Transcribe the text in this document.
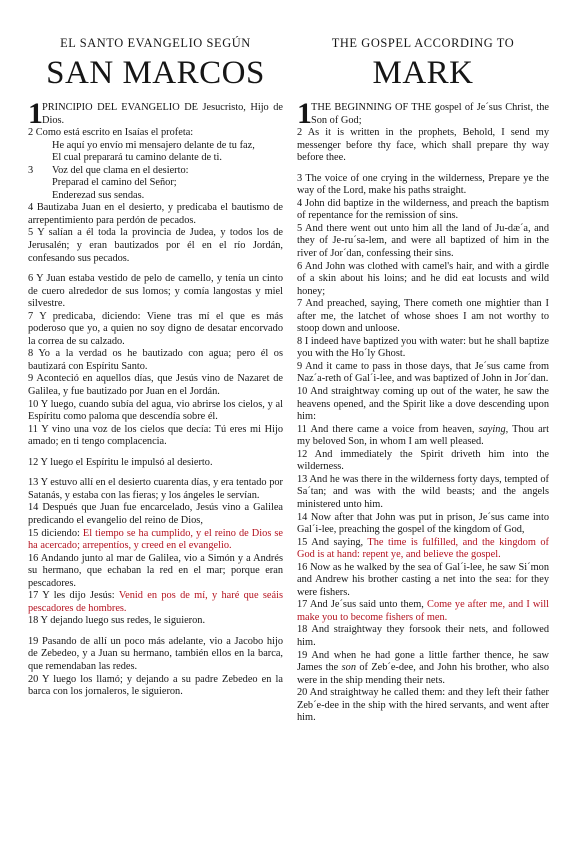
EL SANTO EVANGELIO SEGÚN
SAN MARCOS
1 PRINCIPIO DEL EVANGELIO DE Jesucristo, Hijo de Dios.
2 Como está escrito en Isaías el profeta:
He aquí yo envío mi mensajero delante de tu faz,
El cual preparará tu camino delante de ti.
3 Voz del que clama en el desierto:
Preparad el camino del Señor;
Enderezad sus sendas.
4 Bautizaba Juan en el desierto, y predicaba el bautismo de arrepentimiento para perdón de pecados.
5 Y salían a él toda la provincia de Judea, y todos los de Jerusalén; y eran bautizados por él en el río Jordán, confesando sus pecados.
6 Y Juan estaba vestido de pelo de camello, y tenía un cinto de cuero alrededor de sus lomos; y comía langostas y miel silvestre.
7 Y predicaba, diciendo: Viene tras mí el que es más poderoso que yo, a quien no soy digno de desatar encorvado la correa de su calzado.
8 Yo a la verdad os he bautizado con agua; pero él os bautizará con Espíritu Santo.
9 Aconteció en aquellos días, que Jesús vino de Nazaret de Galilea, y fue bautizado por Juan en el Jordán.
10 Y luego, cuando subía del agua, vio abrirse los cielos, y al Espíritu como paloma que descendía sobre él.
11 Y vino una voz de los cielos que decía: Tú eres mi Hijo amado; en ti tengo complacencia.
12 Y luego el Espíritu le impulsó al desierto.
13 Y estuvo allí en el desierto cuarenta días, y era tentado por Satanás, y estaba con las fieras; y los ángeles le servían.
14 Después que Juan fue encarcelado, Jesús vino a Galilea predicando el evangelio del reino de Dios,
15 diciendo: El tiempo se ha cumplido, y el reino de Dios se ha acercado; arrepentíos, y creed en el evangelio.
16 Andando junto al mar de Galilea, vio a Simón y a Andrés su hermano, que echaban la red en el mar; porque eran pescadores.
17 Y les dijo Jesús: Venid en pos de mí, y haré que seáis pescadores de hombres.
18 Y dejando luego sus redes, le siguieron.
19 Pasando de allí un poco más adelante, vio a Jacobo hijo de Zebedeo, y a Juan su hermano, también ellos en la barca, que remendaban las redes.
20 Y luego los llamó; y dejando a su padre Zebedeo en la barca con los jornaleros, le siguieron.
THE GOSPEL ACCORDING TO
MARK
1 THE BEGINNING OF THE gospel of Je´sus Christ, the Son of God;
2 As it is written in the prophets, Behold, I send my messenger before thy face, which shall prepare thy way before thee.
3 The voice of one crying in the wilderness, Prepare ye the way of the Lord, make his paths straight.
4 John did baptize in the wilderness, and preach the baptism of repentance for the remission of sins.
5 And there went out unto him all the land of Ju-dæ´a, and they of Je-ru´sa-lem, and were all baptized of him in the river of Jor´dan, confessing their sins.
6 And John was clothed with camel's hair, and with a girdle of a skin about his loins; and he did eat locusts and wild honey;
7 And preached, saying, There cometh one mightier than I after me, the latchet of whose shoes I am not worthy to stoop down and unloose.
8 I indeed have baptized you with water: but he shall baptize you with the Ho´ly Ghost.
9 And it came to pass in those days, that Je´sus came from Naz´a-reth of Gal´i-lee, and was baptized of John in Jor´dan.
10 And straightway coming up out of the water, he saw the heavens opened, and the Spirit like a dove descending upon him:
11 And there came a voice from heaven, saying, Thou art my beloved Son, in whom I am well pleased.
12 And immediately the Spirit driveth him into the wilderness.
13 And he was there in the wilderness forty days, tempted of Sa´tan; and was with the wild beasts; and the angels ministered unto him.
14 Now after that John was put in prison, Je´sus came into Gal´i-lee, preaching the gospel of the kingdom of God,
15 And saying, The time is fulfilled, and the kingdom of God is at hand: repent ye, and believe the gospel.
16 Now as he walked by the sea of Gal´i-lee, he saw Si´mon and Andrew his brother casting a net into the sea: for they were fishers.
17 And Je´sus said unto them, Come ye after me, and I will make you to become fishers of men.
18 And straightway they forsook their nets, and followed him.
19 And when he had gone a little farther thence, he saw James the son of Zeb´e-dee, and John his brother, who also were in the ship mending their nets.
20 And straightway he called them: and they left their father Zeb´e-dee in the ship with the hired servants, and went after him.
